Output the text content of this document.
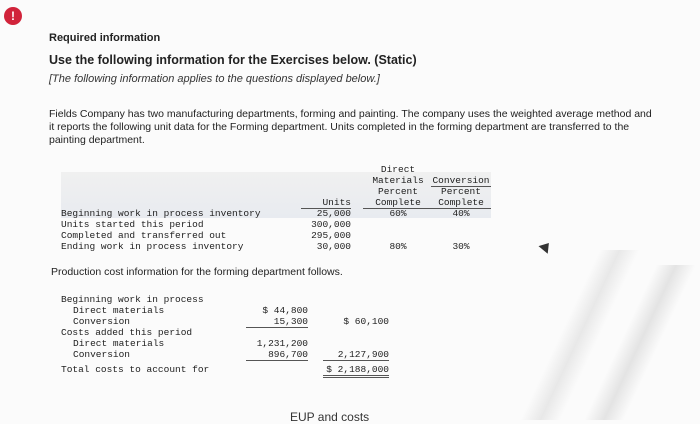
!
Required information
Use the following information for the Exercises below. (Static)
[The following information applies to the questions displayed below.]
Fields Company has two manufacturing departments, forming and painting. The company uses the weighted average method and it reports the following unit data for the Forming department. Units completed in the forming department are transferred to the painting department.
Direct
Materials
Percent
Complete
Conversion
Percent
Complete
Units
Beginning work in process inventory	25,000	60%	40%
Units started this period	300,000
Completed and transferred out	295,000
Ending work in process inventory	30,000	80%	30%
Production cost information for the forming department follows.
Beginning work in process
Direct materials	$ 44,800
Conversion	15,300	$ 60,100
Costs added this period
Direct materials	1,231,200
Conversion	896,700	2,127,900
Total costs to account for	$ 2,188,000
EUP and costs
